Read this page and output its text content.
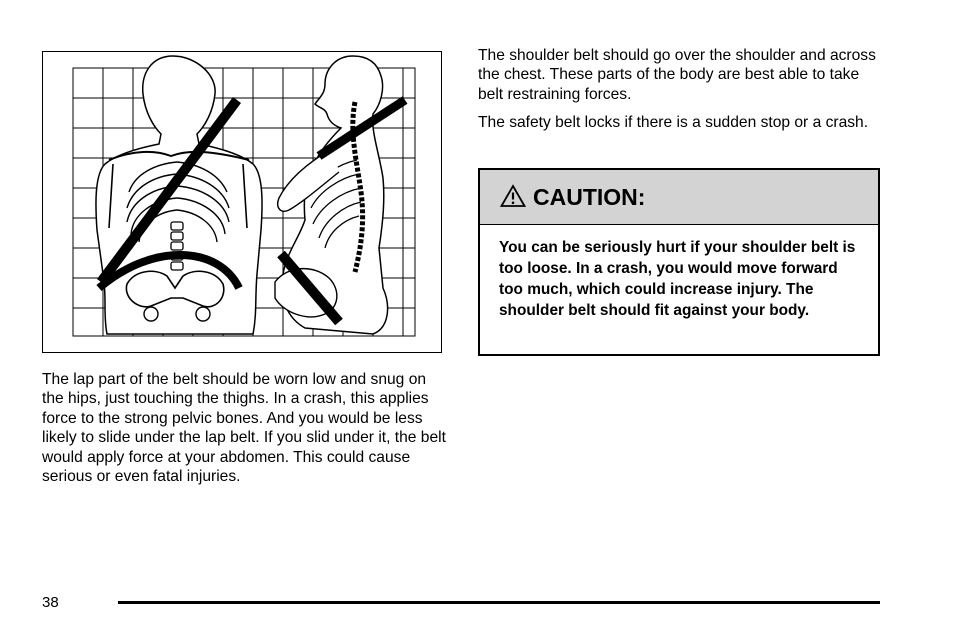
The lap part of the belt should be worn low and snug on the hips, just touching the thighs. In a crash, this applies force to the strong pelvic bones. And you would be less likely to slide under the lap belt. If you slid under it, the belt would apply force at your abdomen. This could cause serious or even fatal injuries.

The shoulder belt should go over the shoulder and across the chest. These parts of the body are best able to take belt restraining forces.

The safety belt locks if there is a sudden stop or a crash.

CAUTION:

You can be seriously hurt if your shoulder belt is too loose. In a crash, you would move forward too much, which could increase injury. The shoulder belt should fit against your body.

38
